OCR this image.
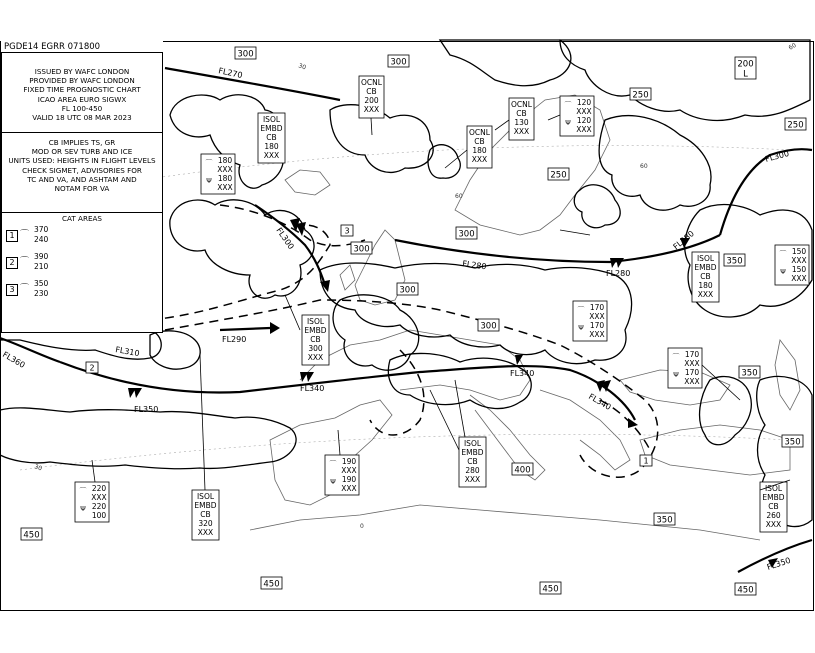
FL270
FL300
FL280
FL280
FL280
FL300
FL310
FL290
FL360
FL350
FL340
FL340
FL340
FL350
300
300
300
300
250
250
250
300
300
350
350
350
400
450
450	450	450
350
200
L
ISOL
EMBD
CB
180
XXX
OCNL
CB
200
XXX
OCNL
CB
130
XXX
OCNL
CB
180
XXX
ISOL
EMBD
CB
300
XXX
ISOL
EMBD
CB
280
XXX
ISOL
EMBD
CB
320
XXX
ISOL
EMBD
CB
180
XXX
ISOL
EMBD
CB
260
XXX
⌒ 180
XXX
Ψ 180
XXX
⌒ 120
XXX
Ψ 120
XXX
⌒ 170
XXX
Ψ 170
XXX
⌒ 170
XXX
Ψ 170
XXX
⌒ 150
XXX
Ψ 150
XXX
⌒ 190
XXX
Ψ 190
XXX
⌒ 220
XXX
Ψ 220
100
1
2
3
30
30
60
60
60
0
ISSUED BY WAFC LONDON
PROVIDED BY WAFC LONDON
FIXED TIME PROGNOSTIC CHART
ICAO AREA EURO SIGWX
FL 100-450
VALID 18 UTC 08 MAR 2023
CB IMPLIES TS, GR
MOD OR SEV TURB AND ICE
UNITS USED: HEIGHTS IN FLIGHT LEVELS
CHECK SIGMET, ADVISORIES FOR
TC AND VA, AND ASHTAM AND
NOTAM FOR VA
CAT AREAS
1 ⌒
370
240
2 ⌒
390
210
3 ⌒
350
230
PGDE14 EGRR 071800
